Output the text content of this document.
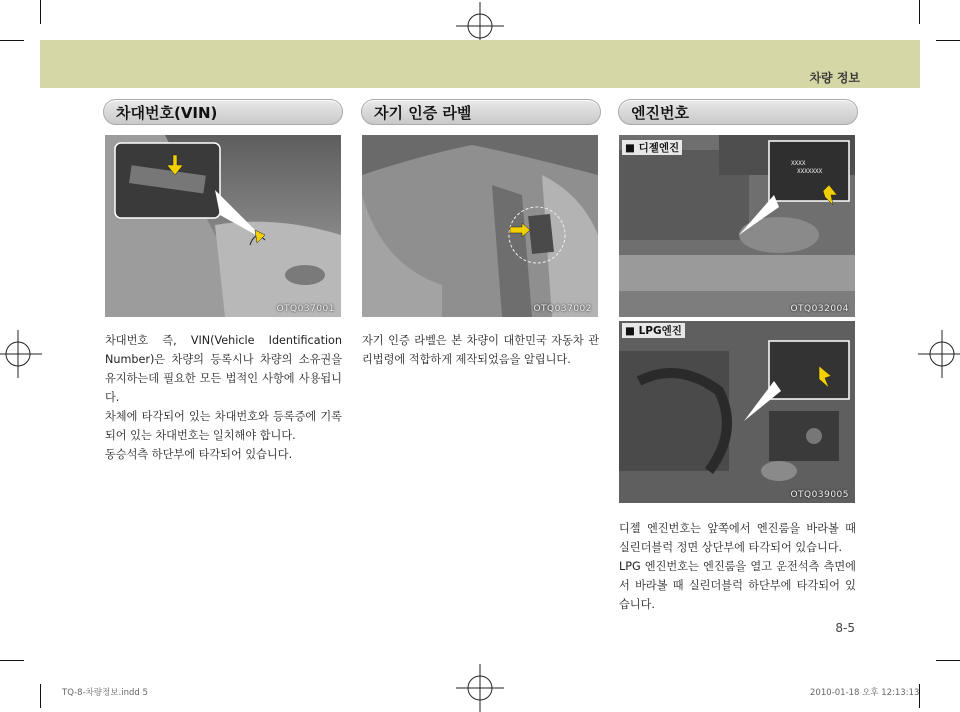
차량 정보
차대번호(VIN)
OTQ037001

차대번호 즉, VIN(Vehicle Identification Number)은 차량의 등록시나 차량의 소유권을 유지하는데 필요한 모든 법적인 사항에 사용됩니다.

차체에 타각되어 있는 차대번호와 등록증에 기록되어 있는 차대번호는 일치해야 합니다.

동승석측 하단부에 타각되어 있습니다.

자기 인증 라벨
OTQ037002

자기 인증 라벨은 본 차량이 대한민국 자동차 관리법령에 적합하게 제작되었음을 알립니다.

엔진번호
XXXX
XXXXXXX
■ 디젤엔진
OTQ032004
■ LPG엔진
OTQ039005

디젤 엔진번호는 앞쪽에서 엔진룸을 바라볼 때 실린더블럭 정면 상단부에 타각되어 있습니다.

LPG 엔진번호는 엔진룸을 열고 운전석측 측면에서 바라볼 때 실린더블럭 하단부에 타각되어 있습니다.

8-5
TQ-8-차량정보.indd 5	2010-01-18 오후 12:13:13
